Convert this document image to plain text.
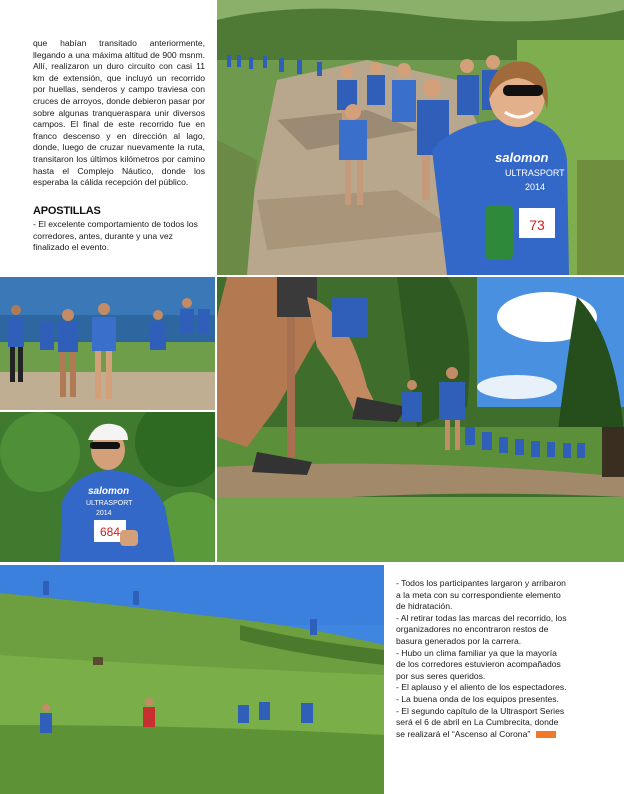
73
salomon
ULTRASPORT
2014

que habían transitado anteriormente, llegando a una máxima altitud de 900 msnm. Allí, realizaron un duro circuito con casi 11 km de extensión, que incluyó un recorrido por huellas, senderos y campo traviesa con cruces de arroyos, donde debieron pasar por sobre algunas tranqueraspara unir diversos campos. El final de este recorrido fue en franco descenso y en dirección al lago, donde, luego de cruzar nuevamente la ruta, transitaron los últimos kilómetros por camino hasta el Complejo Náutico, donde los esperaba la cálida recepción del público.

APOSTILLAS
- El excelente comportamiento de todos los corredores, antes, durante y una vez finalizado el evento.
684
salomon
ULTRASPORT
2014

- Todos los participantes largaron y arribaron a la meta con su correspondiente elemento de hidratación.

- Al retirar todas las marcas del recorrido, los organizadores no encontraron restos de basura generados por la carrera.

- Hubo un clima familiar ya que la mayoría de los corredores estuvieron acompañados por sus seres queridos.

- El aplauso y el aliento de los espectadores.

- La buena onda de los equipos presentes.

- El segundo capítulo de la Ultrasport Series será el 6 de abril en La Cumbrecita, donde se realizará el “Ascenso al Corona”
